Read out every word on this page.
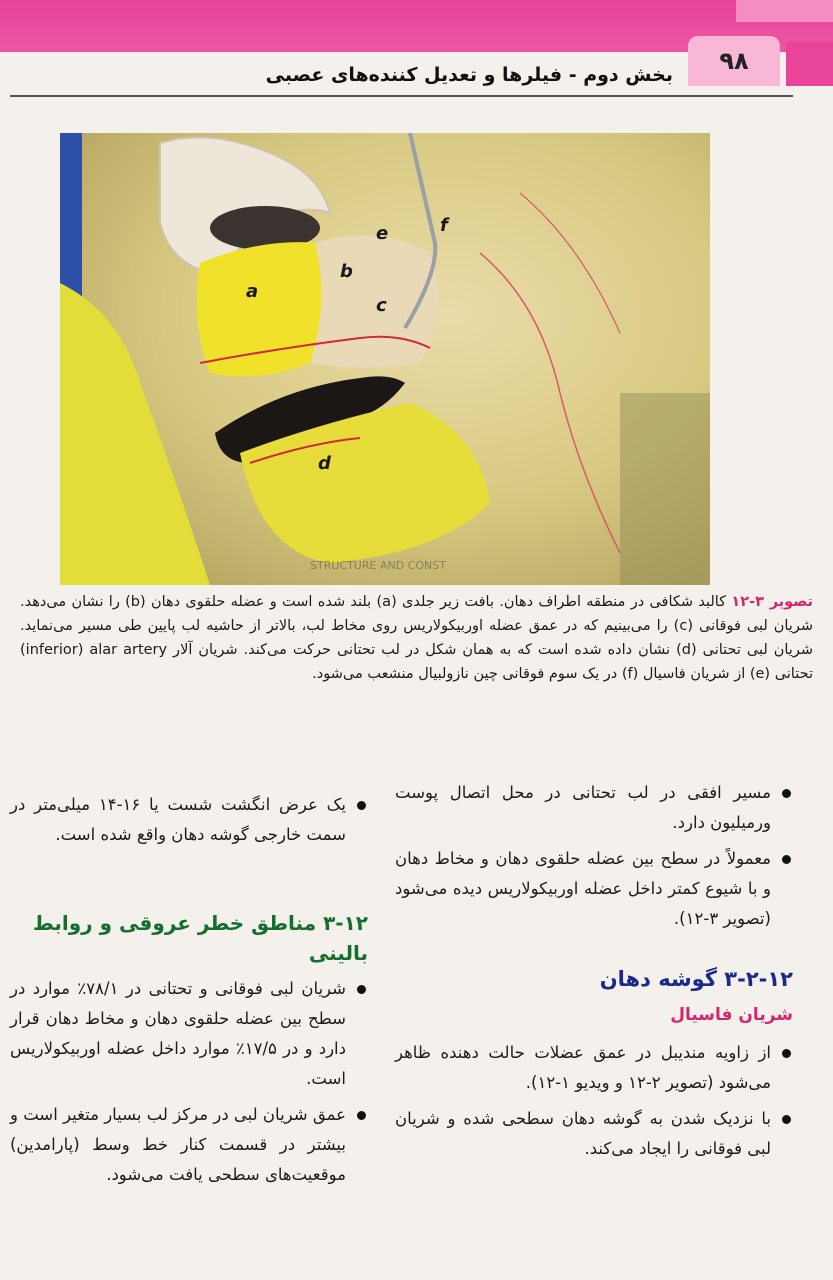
۹۸
بخش دوم - فیلرها و تعدیل کننده‌های عصبی
STRUCTURE AND CONST
a
b
c
d
e	f
تصویر ۳-۱۲ کالبد شکافی در منطقه اطراف دهان. بافت زیر جلدی (a) بلند شده است و عضله حلقوی دهان (b) را نشان می‌دهد. شریان لبی فوقانی (c) را می‌بینیم که در عمق عضله اوربیکولاریس روی مخاط لب، بالاتر از حاشیه لب پایین طی مسیر می‌نماید. شریان لبی تحتانی (d) نشان داده شده است که به همان شکل در لب تحتانی حرکت می‌کند. شریان آلار inferior) alar artery) تحتانی (e) از شریان فاسیال (f) در یک سوم فوقانی چین نازولبیال منشعب می‌شود.
مسیر افقی در لب تحتانی در محل اتصال پوست ورمیلیون دارد.
معمولاً در سطح بین عضله حلقوی دهان و مخاط دهان و با شیوع کمتر داخل عضله اوربیکولاریس دیده می‌شود (تصویر ۳-۱۲).
۳-۲-۱۲ گوشه دهان
شریان فاسیال
از زاویه مندیبل در عمق عضلات حالت دهنده ظاهر می‌شود (تصویر ۲-۱۲ و ویدیو ۱-۱۲).
با نزدیک شدن به گوشه دهان سطحی شده و شریان لبی فوقانی را ایجاد می‌کند.
یک عرض انگشت شست یا ۱۶-۱۴ میلی‌متر در سمت خارجی گوشه دهان واقع شده است.
۳-۱۲ مناطق خطر عروقی و روابط بالینی
شریان لبی فوقانی و تحتانی در ۷۸/۱٪ موارد در سطح بین عضله حلقوی دهان و مخاط دهان قرار دارد و در ۱۷/۵٪ موارد داخل عضله اوربیکولاریس است.
عمق شریان لبی در مرکز لب بسیار متغیر است و بیشتر در قسمت کنار خط وسط (پارامدین) موقعیت‌های سطحی یافت می‌شود.
